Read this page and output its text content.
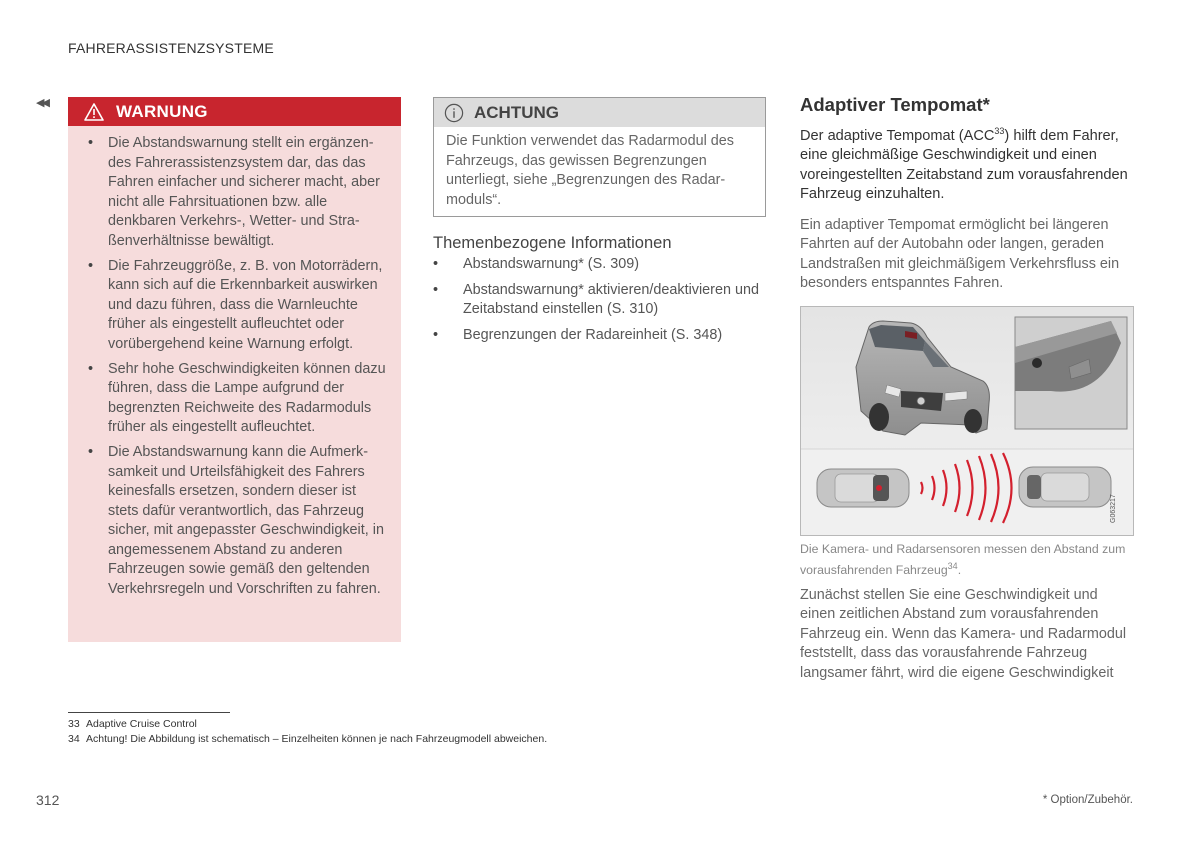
FAHRERASSISTENZSYSTEME
◀◀	WARNUNG
• Die Abstandswarnung stellt ein ergänzendes Fahrerassistenzsystem dar, das das Fahren einfacher und sicherer macht, aber nicht alle Fahrsituationen bzw. alle denkbaren Verkehrs-, Wetter- und Straßenverhältnisse bewältigt.
• Die Fahrzeuggröße, z. B. von Motorrädern, kann sich auf die Erkennbarkeit auswirken und dazu führen, dass die Warnleuchte früher als eingestellt aufleuchtet oder vorübergehend keine Warnung erfolgt.
• Sehr hohe Geschwindigkeiten können dazu führen, dass die Lampe aufgrund der begrenzten Reichweite des Radarmoduls früher als eingestellt aufleuchtet.
• Die Abstandswarnung kann die Aufmerksamkeit und Urteilsfähigkeit des Fahrers keinesfalls ersetzen, sondern dieser ist stets dafür verantwortlich, das Fahrzeug sicher, mit angepasster Geschwindigkeit, in angemessenem Abstand zu anderen Fahrzeugen sowie gemäß den geltenden Verkehrsregeln und Vorschriften zu fahren.
ACHTUNG
Die Funktion verwendet das Radarmodul des Fahrzeugs, das gewissen Begrenzungen unterliegt, siehe „Begrenzungen des Radarmoduls“.
Themenbezogene Informationen
• Abstandswarnung* (S. 309)
• Abstandswarnung* aktivieren/deaktivieren und Zeitabstand einstellen (S. 310)
• Begrenzungen der Radareinheit (S. 348)
Adaptiver Tempomat*
Der adaptive Tempomat (ACC$^{33}$) hilft dem Fahrer, eine gleichmäßige Geschwindigkeit und einen voreingestellten Zeitabstand zum vorausfahrenden Fahrzeug einzuhalten.
Ein adaptiver Tempomat ermöglicht bei längeren Fahrten auf der Autobahn oder langen, geraden Landstraßen mit gleichmäßigem Verkehrsfluss ein besonders entspanntes Fahren.
G063217
Die Kamera- und Radarsensoren messen den Abstand zum vorausfahrenden Fahrzeug$^{34}$.
Zunächst stellen Sie eine Geschwindigkeit und einen zeitlichen Abstand zum vorausfahrenden Fahrzeug ein. Wenn das Kamera- und Radarmodul feststellt, dass das vorausfahrende Fahrzeug langsamer fährt, wird die eigene Geschwindigkeit
33 Adaptive Cruise Control
34 Achtung! Die Abbildung ist schematisch – Einzelheiten können je nach Fahrzeugmodell abweichen.
312	* Option/Zubehör.
